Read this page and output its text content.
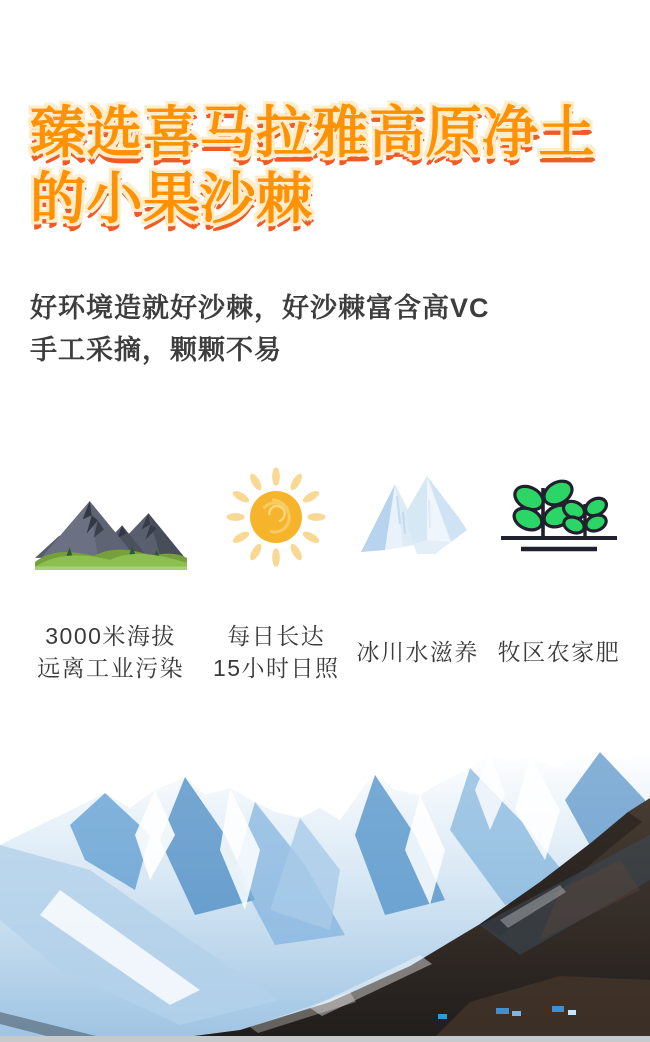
臻选喜马拉雅高原净土
的小果沙棘
好环境造就好沙棘，好沙棘富含高VC
手工采摘，颗颗不易
3000米海拔
远离工业污染
每日长达
15小时日照
冰川水滋养 牧区农家肥
